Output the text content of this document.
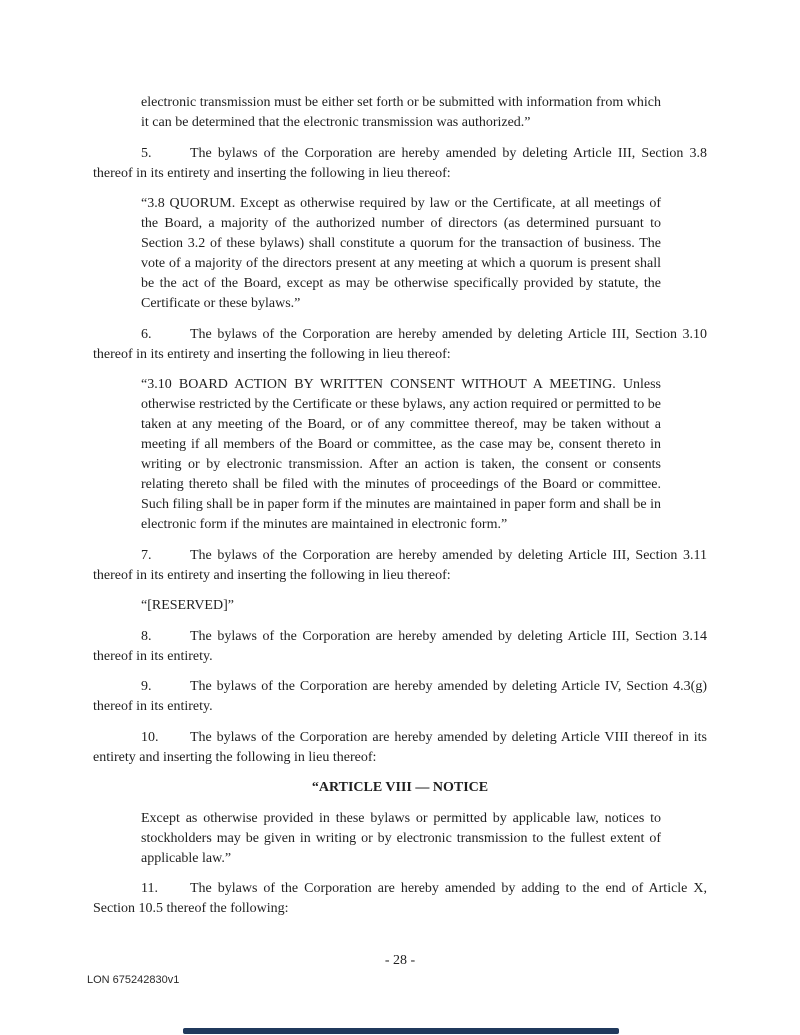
electronic transmission must be either set forth or be submitted with information from which it can be determined that the electronic transmission was authorized.”

5.	The bylaws of the Corporation are hereby amended by deleting Article III, Section 3.8 thereof in its entirety and inserting the following in lieu thereof:

“3.8 QUORUM. Except as otherwise required by law or the Certificate, at all meetings of the Board, a majority of the authorized number of directors (as determined pursuant to Section 3.2 of these bylaws) shall constitute a quorum for the transaction of business. The vote of a majority of the directors present at any meeting at which a quorum is present shall be the act of the Board, except as may be otherwise specifically provided by statute, the Certificate or these bylaws.”

6.	The bylaws of the Corporation are hereby amended by deleting Article III, Section 3.10 thereof in its entirety and inserting the following in lieu thereof:

“3.10 BOARD ACTION BY WRITTEN CONSENT WITHOUT A MEETING. Unless otherwise restricted by the Certificate or these bylaws, any action required or permitted to be taken at any meeting of the Board, or of any committee thereof, may be taken without a meeting if all members of the Board or committee, as the case may be, consent thereto in writing or by electronic transmission. After an action is taken, the consent or consents relating thereto shall be filed with the minutes of proceedings of the Board or committee. Such filing shall be in paper form if the minutes are maintained in paper form and shall be in electronic form if the minutes are maintained in electronic form.”

7.	The bylaws of the Corporation are hereby amended by deleting Article III, Section 3.11 thereof in its entirety and inserting the following in lieu thereof:

“[RESERVED]”

8.	The bylaws of the Corporation are hereby amended by deleting Article III, Section 3.14 thereof in its entirety.

9.	The bylaws of the Corporation are hereby amended by deleting Article IV, Section 4.3(g) thereof in its entirety.

10. The bylaws of the Corporation are hereby amended by deleting Article VIII thereof in its entirety and inserting the following in lieu thereof:

“ARTICLE VIII — NOTICE

Except as otherwise provided in these bylaws or permitted by applicable law, notices to stockholders may be given in writing or by electronic transmission to the fullest extent of applicable law.”

11. The bylaws of the Corporation are hereby amended by adding to the end of Article X, Section 10.5 thereof the following:

- 28 -
LON 675242830v1
